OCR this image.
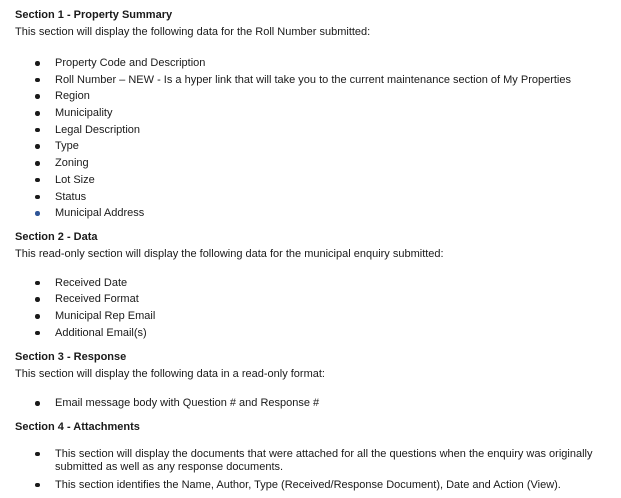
Section 1 - Property Summary

This section will display the following data for the Roll Number submitted:

Property Code and Description
Roll Number – NEW - Is a hyper link that will take you to the current maintenance section of My Properties
Region
Municipality
Legal Description
Type
Zoning
Lot Size
Status
Municipal Address

Section 2 - Data

This read-only section will display the following data for the municipal enquiry submitted:

Received Date
Received Format
Municipal Rep Email
Additional Email(s)

Section 3 - Response

This section will display the following data in a read-only format:

Email message body with Question # and Response #

Section 4 - Attachments

This section will display the documents that were attached for all the questions when the enquiry was originally submitted as well as any response documents.
This section identifies the Name, Author, Type (Received/Response Document), Date and Action (View).
